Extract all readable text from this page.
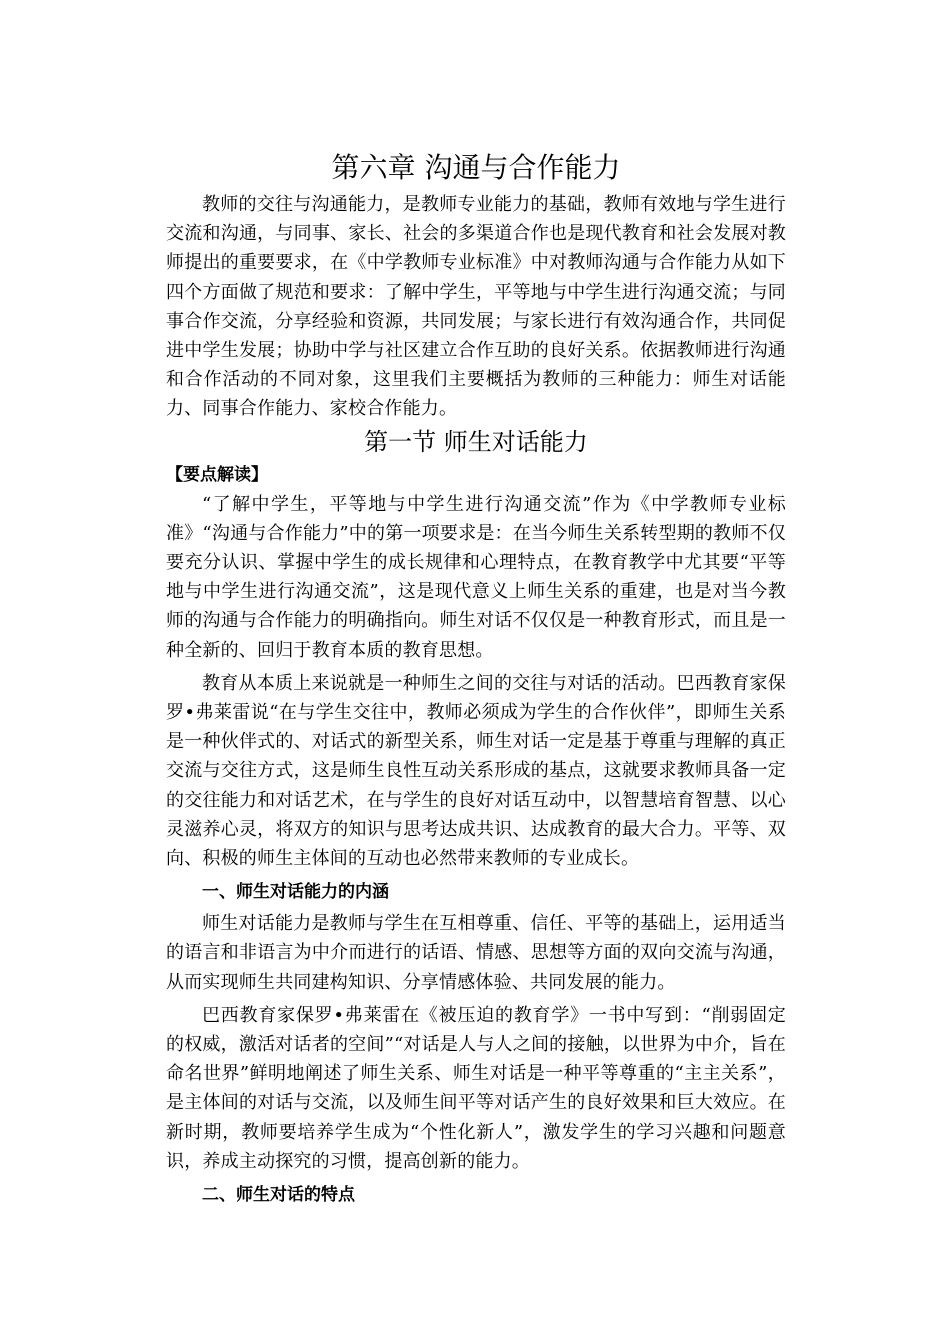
第六章 沟通与合作能力

教师的交往与沟通能力，是教师专业能力的基础，教师有效地与学生进行交流和沟通，与同事、家长、社会的多渠道合作也是现代教育和社会发展对教师提出的重要要求，在《中学教师专业标准》中对教师沟通与合作能力从如下四个方面做了规范和要求：了解中学生，平等地与中学生进行沟通交流；与同事合作交流，分享经验和资源，共同发展；与家长进行有效沟通合作，共同促进中学生发展；协助中学与社区建立合作互助的良好关系。依据教师进行沟通和合作活动的不同对象，这里我们主要概括为教师的三种能力：师生对话能力、同事合作能力、家校合作能力。

第一节 师生对话能力

【要点解读】

“了解中学生，平等地与中学生进行沟通交流”作为《中学教师专业标准》“沟通与合作能力”中的第一项要求是：在当今师生关系转型期的教师不仅要充分认识、掌握中学生的成长规律和心理特点，在教育教学中尤其要“平等地与中学生进行沟通交流”，这是现代意义上师生关系的重建，也是对当今教师的沟通与合作能力的明确指向。师生对话不仅仅是一种教育形式，而且是一种全新的、回归于教育本质的教育思想。

教育从本质上来说就是一种师生之间的交往与对话的活动。巴西教育家保罗•弗莱雷说“在与学生交往中，教师必须成为学生的合作伙伴”，即师生关系是一种伙伴式的、对话式的新型关系，师生对话一定是基于尊重与理解的真正交流与交往方式，这是师生良性互动关系形成的基点，这就要求教师具备一定的交往能力和对话艺术，在与学生的良好对话互动中，以智慧培育智慧、以心灵滋养心灵，将双方的知识与思考达成共识、达成教育的最大合力。平等、双向、积极的师生主体间的互动也必然带来教师的专业成长。

一、师生对话能力的内涵

师生对话能力是教师与学生在互相尊重、信任、平等的基础上，运用适当的语言和非语言为中介而进行的话语、情感、思想等方面的双向交流与沟通，从而实现师生共同建构知识、分享情感体验、共同发展的能力。

巴西教育家保罗•弗莱雷在《被压迫的教育学》一书中写到：“削弱固定的权威，激活对话者的空间”“对话是人与人之间的接触，以世界为中介，旨在命名世界”鲜明地阐述了师生关系、师生对话是一种平等尊重的“主主关系”，是主体间的对话与交流，以及师生间平等对话产生的良好效果和巨大效应。在新时期，教师要培养学生成为“个性化新人”，激发学生的学习兴趣和问题意识，养成主动探究的习惯，提高创新的能力。

二、师生对话的特点
